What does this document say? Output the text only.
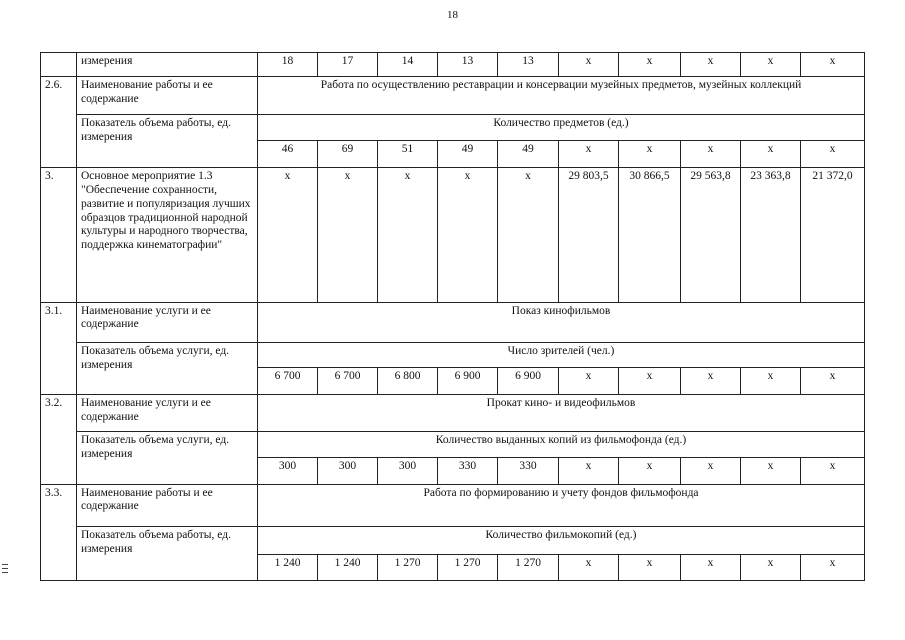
18
	измерения	18	17	14	13	13	x	x	x	x	x
2.6.	Наименование работы и ее содержание	Работа по осуществлению реставрации и консервации музейных предметов, музейных коллекций									
	Показатель объема работы, ед. измерения	Количество предметов (ед.)									
		46	69	51	49	49	x	x	x	x	x
3.	Основное мероприятие 1.3 "Обеспечение сохранности, развитие и популяризация лучших образцов традиционной народной культуры и народного творчества, поддержка кинематографии"	x	x	x	x	x	29 803,5	30 866,5	29 563,8	23 363,8	21 372,0
3.1.	Наименование услуги и ее содержание	Показ кинофильмов									
	Показатель объема услуги, ед. измерения	Число зрителей (чел.)									
		6 700	6 700	6 800	6 900	6 900	x	x	x	x	x
3.2.	Наименование услуги и ее содержание	Прокат кино- и видеофильмов									
	Показатель объема услуги, ед. измерения	Количество выданных копий из фильмофонда (ед.)									
		300	300	300	330	330	x	x	x	x	x
3.3.	Наименование работы и ее содержание	Работа по формированию и учету фондов фильмофонда									
	Показатель объема работы, ед. измерения	Количество фильмокопий (ед.)									
		1 240	1 240	1 270	1 270	1 270	x	x	x	x	x
